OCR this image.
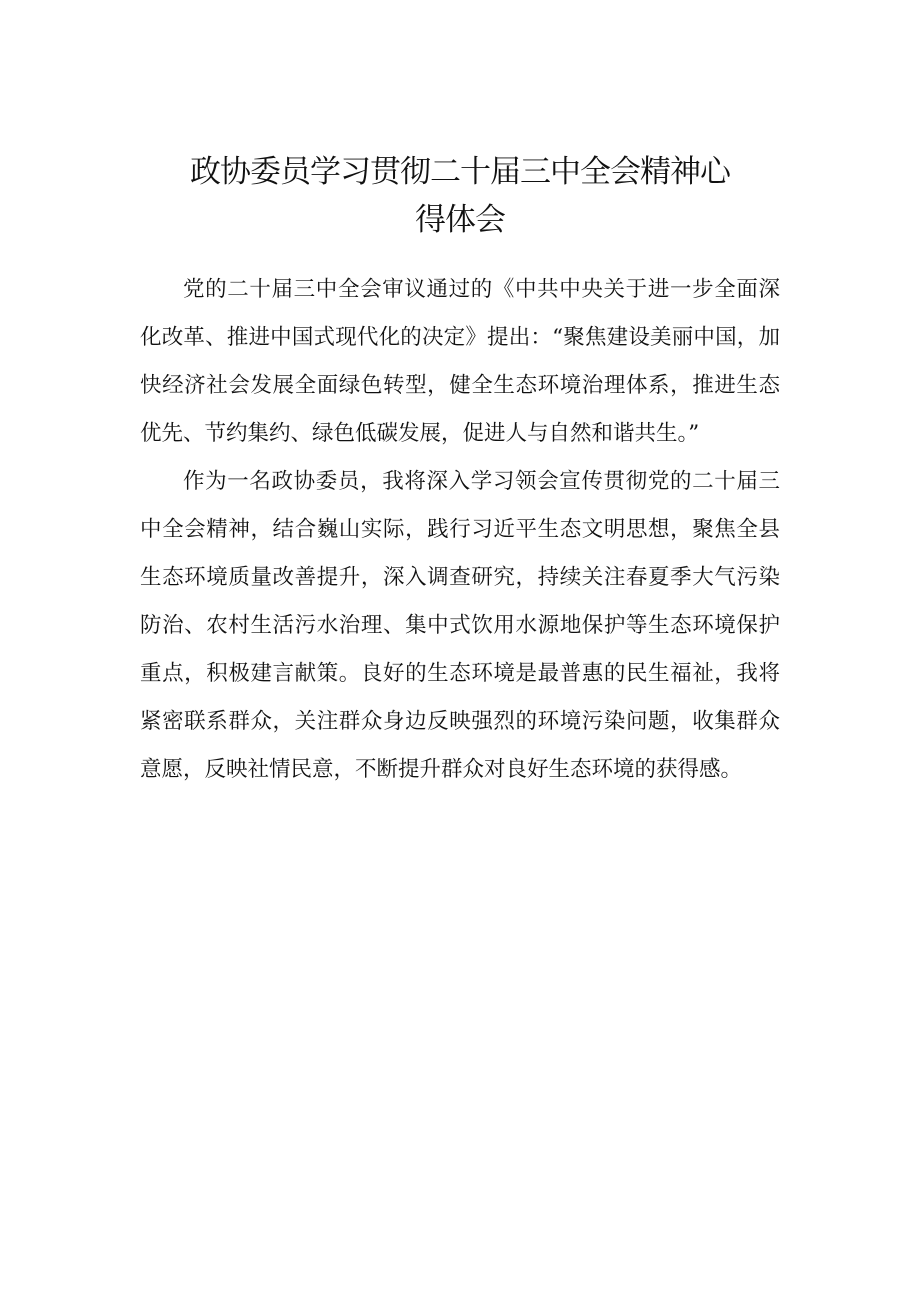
政协委员学习贯彻二十届三中全会精神心
得体会

党的二十届三中全会审议通过的《中共中央关于进一步全面深化改革、推进中国式现代化的决定》提出：“聚焦建设美丽中国，加快经济社会发展全面绿色转型，健全生态环境治理体系，推进生态优先、节约集约、绿色低碳发展，促进人与自然和谐共生。”

作为一名政协委员，我将深入学习领会宣传贯彻党的二十届三中全会精神，结合巍山实际，践行习近平生态文明思想，聚焦全县生态环境质量改善提升，深入调查研究，持续关注春夏季大气污染防治、农村生活污水治理、集中式饮用水源地保护等生态环境保护重点，积极建言献策。良好的生态环境是最普惠的民生福祉，我将紧密联系群众，关注群众身边反映强烈的环境污染问题，收集群众意愿，反映社情民意，不断提升群众对良好生态环境的获得感。
